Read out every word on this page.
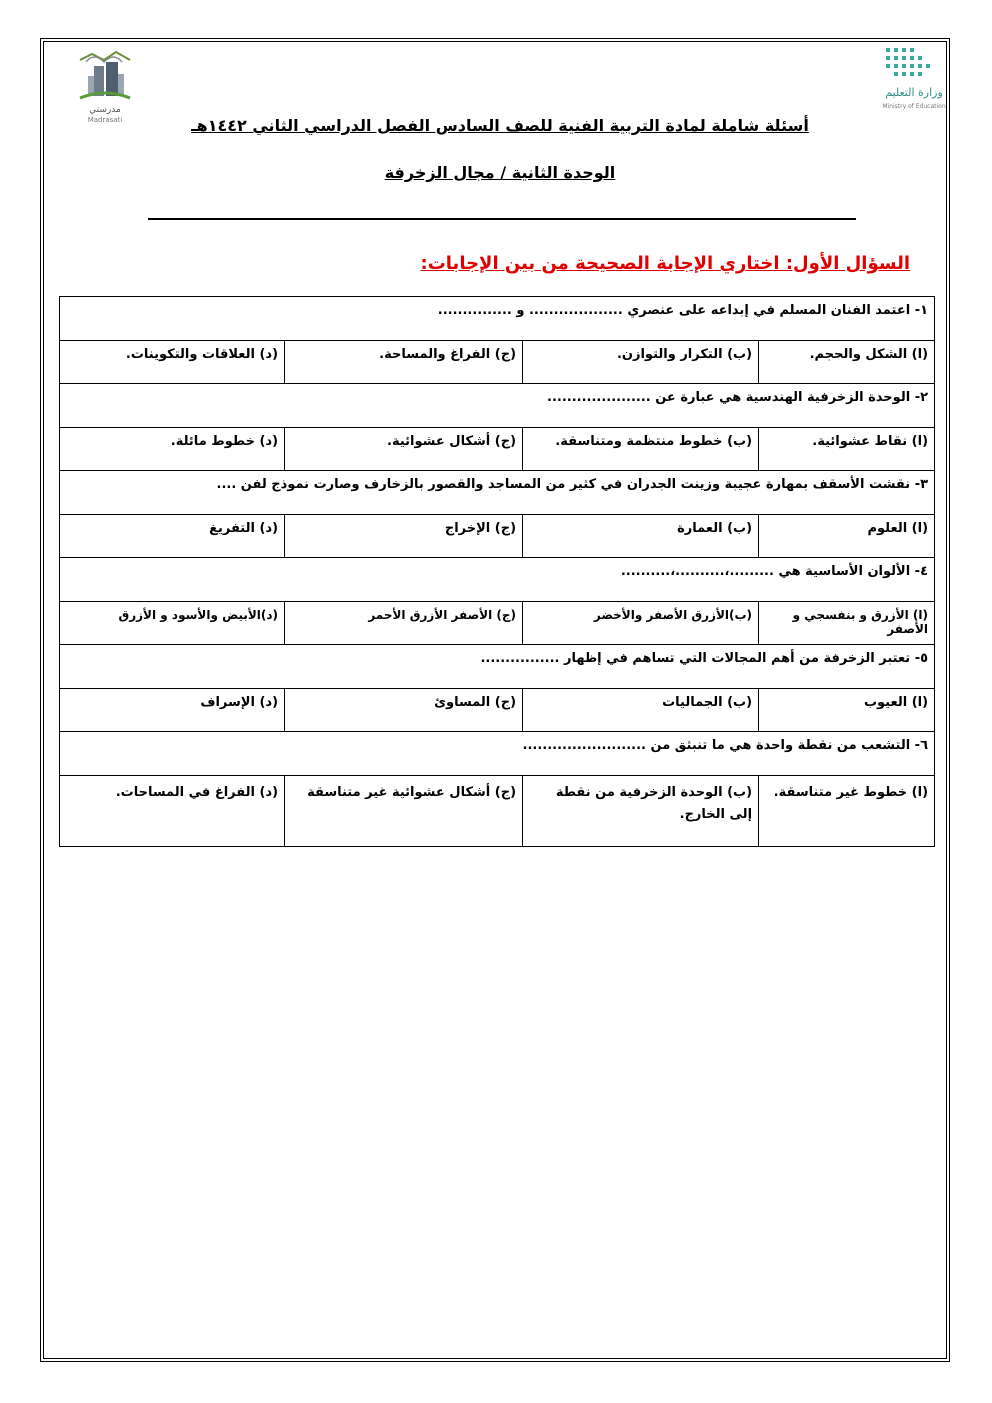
مدرستي
Madrasati
وزارة التعليم
Ministry of Education
أسئلة شاملة لمادة التربية الفنية للصف السادس الفصل الدراسي الثاني ١٤٤٢هـ
الوحدة الثانية / مجال الزخرفة
السؤال الأول: اختاري الإجابة الصحيحة من بين الإجابات:
١- اعتمد الفنان المسلم في إبداعه على عنصري ................... و ...............			
(ا) الشكل والحجم.	(ب) التكرار والتوازن.	(ج) الفراغ والمساحة.	(د) العلاقات والتكوينات.
٢- الوحدة الزخرفية الهندسية هي عبارة عن .....................			
(ا) نقاط عشوائية.	(ب) خطوط منتظمة ومتناسقة.	(ج) أشكال عشوائية.	(د) خطوط مائلة.
٣- نقشت الأسقف بمهارة عجيبة وزينت الجدران في كثير من المساجد والقصور بالزخارف وصارت نموذج لفن ....			
(ا) العلوم	(ب) العمارة	(ج) الإخراج	(د) التفريغ
٤- الألوان الأساسية هي .........،..........،..........			
(ا) الأزرق و بنفسجي و الأصفر	(ب)الأزرق الأصفر والأخضر	(ج) الأصفر الأزرق الأحمر	(د)الأبيض والأسود و الأزرق
٥- تعتبر الزخرفة من أهم المجالات التي تساهم في إظهار ................			
(ا) العيوب	(ب) الجماليات	(ج) المساوئ	(د) الإسراف
٦- التشعب من نقطة واحدة هي ما تنبثق من .........................			
(ا) خطوط غير متناسقة.	(ب) الوحدة الزخرفية من نقطة إلى الخارج.	(ج) أشكال عشوائية غير متناسقة	(د) الفراغ في المساحات.
